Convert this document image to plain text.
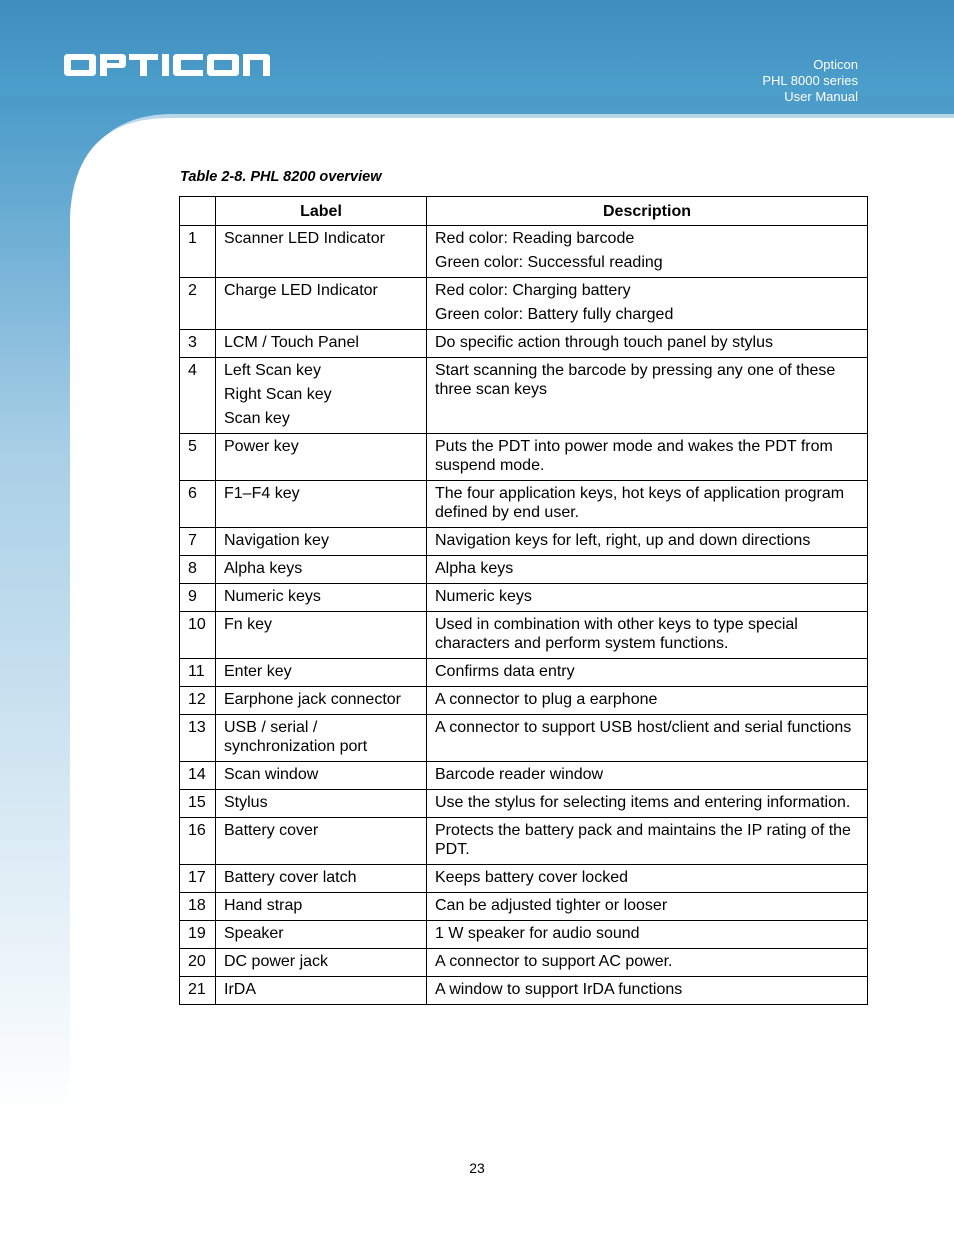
Opticon
PHL 8000 series
User Manual
Table 2-8. PHL 8200 overview
	Label	Description
1	Scanner LED Indicator	Red color: Reading barcode
Green color: Successful reading

2	Charge LED Indicator	Red color: Charging battery
Green color: Battery fully charged

3	LCM / Touch Panel	Do specific action through touch panel by stylus

4	Left Scan key
Right Scan key
Scan key	Start scanning the barcode by pressing any one of these three scan keys

5	Power key	Puts the PDT into power mode and wakes the PDT from suspend mode.

6	F1–F4 key	The four application keys, hot keys of application program defined by end user.

7	Navigation key	Navigation keys for left, right, up and down directions

8	Alpha keys	Alpha keys

9	Numeric keys	Numeric keys

10	Fn key	Used in combination with other keys to type special characters and perform system functions.

11	Enter key	Confirms data entry

12	Earphone jack connector	A connector to plug a earphone

13	USB / serial / synchronization port	A connector to support USB host/client and serial functions

14	Scan window	Barcode reader window

15	Stylus	Use the stylus for selecting items and entering information.

16	Battery cover	Protects the battery pack and maintains the IP rating of the PDT.

17	Battery cover latch	Keeps battery cover locked

18	Hand strap	Can be adjusted tighter or looser

19	Speaker	1 W speaker for audio sound

20	DC power jack	A connector to support AC power.

21	IrDA	A window to support IrDA functions
23
